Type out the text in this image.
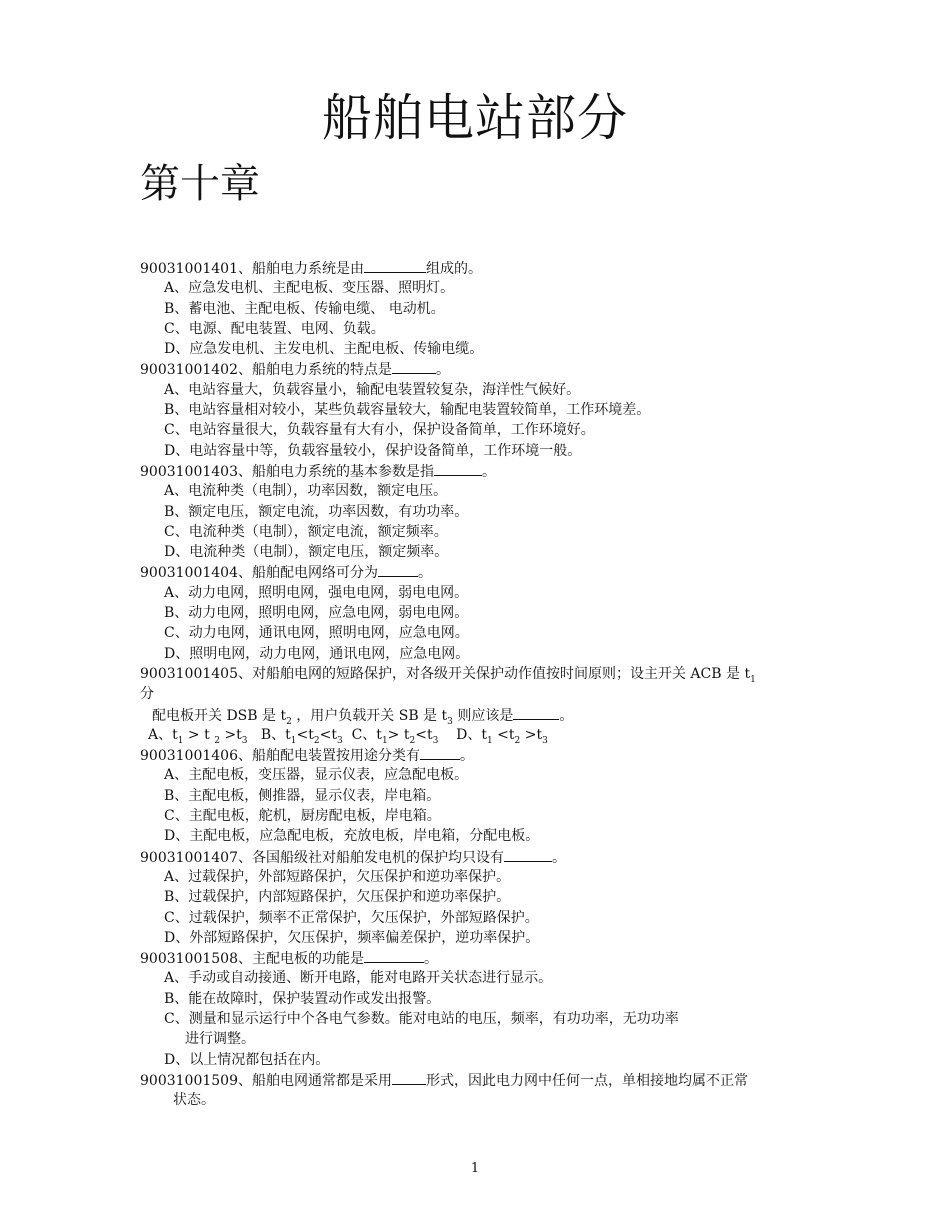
船舶电站部分
第十章
90031001401、船舶电力系统是由	组成的。
A、应急发电机、主配电板、变压器、照明灯。
B、蓄电池、主配电板、传输电缆、 电动机。
C、电源、配电装置、电网、负载。
D、应急发电机、主发电机、主配电板、传输电缆。
90031001402、船舶电力系统的特点是	。
A、电站容量大，负载容量小，输配电装置较复杂，海洋性气候好。
B、电站容量相对较小，某些负载容量较大，输配电装置较简单，工作环境差。
C、电站容量很大，负载容量有大有小，保护设备简单，工作环境好。
D、电站容量中等，负载容量较小，保护设备简单，工作环境一般。
90031001403、船舶电力系统的基本参数是指	。
A、电流种类（电制），功率因数，额定电压。
B、额定电压，额定电流，功率因数，有功功率。
C、电流种类（电制），额定电流，额定频率。
D、电流种类（电制），额定电压，额定频率。
90031001404、船舶配电网络可分为	。
A、动力电网，照明电网，强电电网，弱电电网。
B、动力电网，照明电网，应急电网，弱电电网。
C、动力电网，通讯电网，照明电网，应急电网。
D、照明电网，动力电网，通讯电网，应急电网。
90031001405、对船舶电网的短路保护，对各级开关保护动作值按时间原则；设主开关 ACB 是 $t_1$
分
配电板开关 DSB 是 $t_2$ ，用户负载开关 SB 是 $t_3$ 则应该是	。
A、$t_1 > t$ $_2 >t_3$ B、$t_1<t_2<t_3$ C、$t_1> t_2<t_3$ D、$t_1 <t_2 >t_3$
90031001406、船舶配电装置按用途分类有	。
A、主配电板，变压器，显示仪表，应急配电板。
B、主配电板，侧推器，显示仪表，岸电箱。
C、主配电板，舵机，厨房配电板，岸电箱。
D、主配电板，应急配电板，充放电板，岸电箱，分配电板。
90031001407、各国船级社对船舶发电机的保护均只设有	。
A、过载保护，外部短路保护，欠压保护和逆功率保护。
B、过载保护，内部短路保护，欠压保护和逆功率保护。
C、过载保护，频率不正常保护，欠压保护，外部短路保护。
D、外部短路保护，欠压保护，频率偏差保护，逆功率保护。
90031001508、主配电板的功能是	。
A、手动或自动接通、断开电路，能对电路开关状态进行显示。
B、能在故障时，保护装置动作或发出报警。
C、测量和显示运行中个各电气参数。能对电站的电压，频率，有功功率，无功功率
进行调整。
D、以上情况都包括在内。
90031001509、船舶电网通常都是采用 形式，因此电力网中任何一点，单相接地均属不正常
状态。
1
